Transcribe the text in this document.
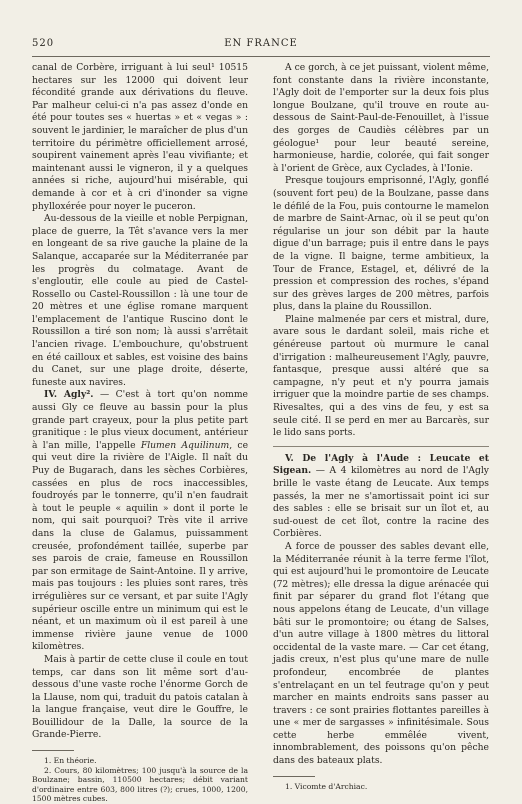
520	EN FRANCE

canal de Corbère, irriguant à lui seul¹ 10515 hectares sur les 12000 qui doivent leur fécondité grande aux dérivations du fleuve. Par malheur celui-ci n'a pas assez d'onde en été pour toutes ses « huertas » et « vegas » : souvent le jardinier, le maraîcher de plus d'un territoire du périmètre officiellement arrosé, soupirent vainement après l'eau vivifiante; et maintenant aussi le vigneron, il y a quelques années si riche, aujourd'hui misérable, qui demande à cor et à cri d'inonder sa vigne phylloxérée pour noyer le puceron.

Au-dessous de la vieille et noble Perpignan, place de guerre, la Têt s'avance vers la mer en longeant de sa rive gauche la plaine de la Salanque, accaparée sur la Méditerranée par les progrès du colmatage. Avant de s'engloutir, elle coule au pied de Castel-Rossello ou Castel-Roussillon : là une tour de 20 mètres et une église romane marquent l'emplacement de l'antique Ruscino dont le Roussillon a tiré son nom; là aussi s'arrêtait l'ancien rivage. L'embouchure, qu'obstruent en été cailloux et sables, est voisine des bains du Canet, sur une plage droite, déserte, funeste aux navires.

IV. Agly². — C'est à tort qu'on nomme aussi Gly ce fleuve au bassin pour la plus grande part crayeux, pour la plus petite part granitique : le plus vieux document, antérieur à l'an mille, l'appelle Flumen Aquilinum, ce qui veut dire la rivière de l'Aigle. Il naît du Puy de Bugarach, dans les sèches Corbières, cassées en plus de rocs inaccessibles, foudroyés par le tonnerre, qu'il n'en faudrait à tout le peuple « aquilin » dont il porte le nom, qui sait pourquoi? Très vite il arrive dans la cluse de Galamus, puissamment creusée, profondément taillée, superbe par ses parois de craie, fameuse en Roussillon par son ermitage de Saint-Antoine. Il y arrive, mais pas toujours : les pluies sont rares, très irrégulières sur ce versant, et par suite l'Agly supérieur oscille entre un minimum qui est le néant, et un maximum où il est pareil à une immense rivière jaune venue de 1000 kilomètres.

Mais à partir de cette cluse il coule en tout temps, car dans son lit même sort d'au-dessous d'une vaste roche l'énorme Gorch de la Llause, nom qui, traduit du patois catalan à la langue française, veut dire le Gouffre, le Bouillidour de la Dalle, la source de la Grande-Pierre.

1. En théorie.

2. Cours, 80 kilomètres; 100 jusqu'à la source de la Boulzane; bassin, 110500 hectares; débit variant d'ordinaire entre 603, 800 litres (?); crues, 1000, 1200, 1500 mètres cubes.

A ce gorch, à ce jet puissant, violent même, font constante dans la rivière inconstante, l'Agly doit de l'emporter sur la deux fois plus longue Boulzane, qu'il trouve en route au-dessous de Saint-Paul-de-Fenouillet, à l'issue des gorges de Caudiès célèbres par un géologue¹ pour leur beauté sereine, harmonieuse, hardie, colorée, qui fait songer à l'orient de Grèce, aux Cyclades, à l'Ionie.

Presque toujours emprisonné, l'Agly, gonflé (souvent fort peu) de la Boulzane, passe dans le défilé de la Fou, puis contourne le mamelon de marbre de Saint-Arnac, où il se peut qu'on régularise un jour son débit par la haute digue d'un barrage; puis il entre dans le pays de la vigne. Il baigne, terme ambitieux, la Tour de France, Estagel, et, délivré de la pression et compression des roches, s'épand sur des grèves larges de 200 mètres, parfois plus, dans la plaine du Roussillon.

Plaine malmenée par cers et mistral, dure, avare sous le dardant soleil, mais riche et généreuse partout où murmure le canal d'irrigation : malheureusement l'Agly, pauvre, fantasque, presque aussi altéré que sa campagne, n'y peut et n'y pourra jamais irriguer que la moindre partie de ses champs. Rivesaltes, qui a des vins de feu, y est sa seule cité. Il se perd en mer au Barcarès, sur le lido sans ports.

V. De l'Agly à l'Aude : Leucate et Sigean. — A 4 kilomètres au nord de l'Agly brille le vaste étang de Leucate. Aux temps passés, la mer ne s'amortissait point ici sur des sables : elle se brisait sur un îlot et, au sud-ouest de cet îlot, contre la racine des Corbières.

A force de pousser des sables devant elle, la Méditerranée réunit à la terre ferme l'îlot, qui est aujourd'hui le promontoire de Leucate (72 mètres); elle dressa la digue arénacée qui finit par séparer du grand flot l'étang que nous appelons étang de Leucate, d'un village bâti sur le promontoire; ou étang de Salses, d'un autre village à 1800 mètres du littoral occidental de la vaste mare. — Car cet étang, jadis creux, n'est plus qu'une mare de nulle profondeur, encombrée de plantes s'entrelaçant en un tel feutrage qu'on y peut marcher en maints endroits sans passer au travers : ce sont prairies flottantes pareilles à une « mer de sargasses » infinitésimale. Sous cette herbe emmêlée vivent, innombrablement, des poissons qu'on pêche dans des bateaux plats.

1. Vicomte d'Archiac.
